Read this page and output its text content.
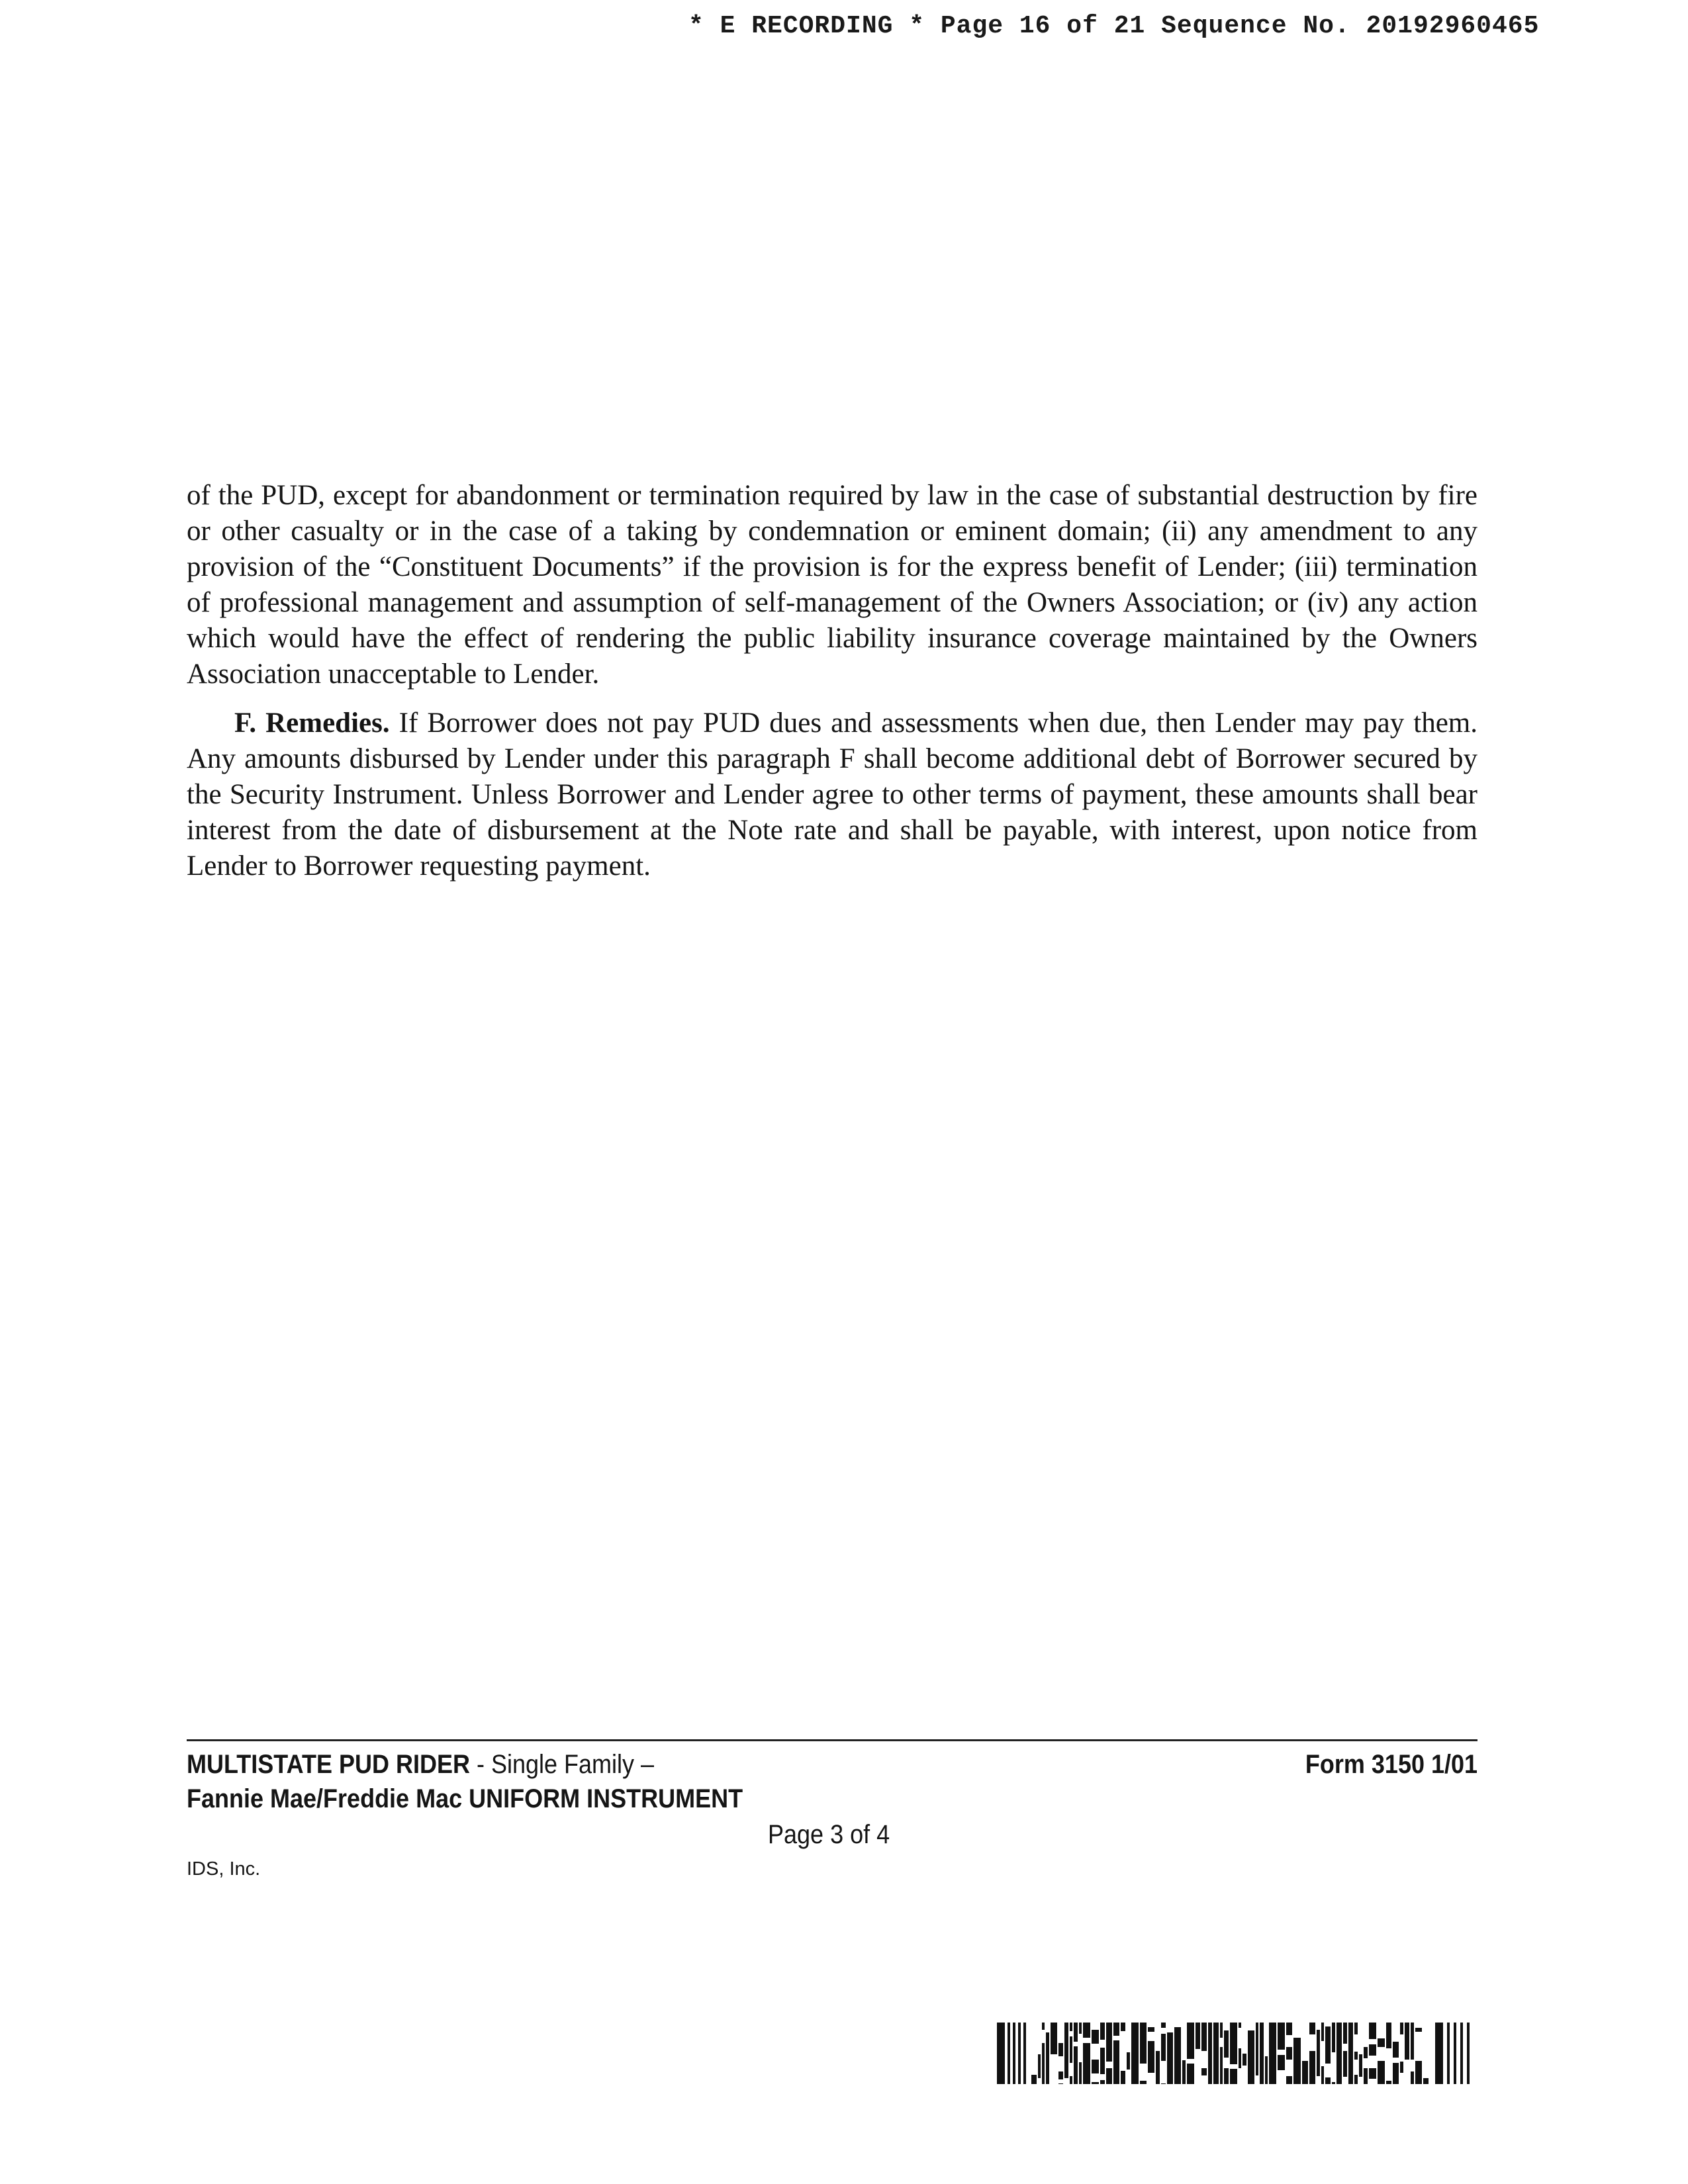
* E RECORDING * Page 16 of 21 Sequence No. 20192960465

of the PUD, except for abandonment or termination required by law in the case of substantial destruction by fire or other casualty or in the case of a taking by condemnation or eminent domain; (ii) any amendment to any provision of the “Constituent Documents” if the provision is for the express benefit of Lender; (iii) termination of professional management and assumption of self-management of the Owners Association; or (iv) any action which would have the effect of rendering the public liability insurance coverage maintained by the Owners Association unacceptable to Lender.

F. Remedies. If Borrower does not pay PUD dues and assessments when due, then Lender may pay them. Any amounts disbursed by Lender under this paragraph F shall become additional debt of Borrower secured by the Security Instrument. Unless Borrower and Lender agree to other terms of payment, these amounts shall bear interest from the date of disbursement at the Note rate and shall be payable, with interest, upon notice from Lender to Borrower requesting payment.

MULTISTATE PUD RIDER - Single Family –
Fannie Mae/Freddie Mac UNIFORM INSTRUMENT
Form 3150 1/01
Page 3 of 4
IDS, Inc.
